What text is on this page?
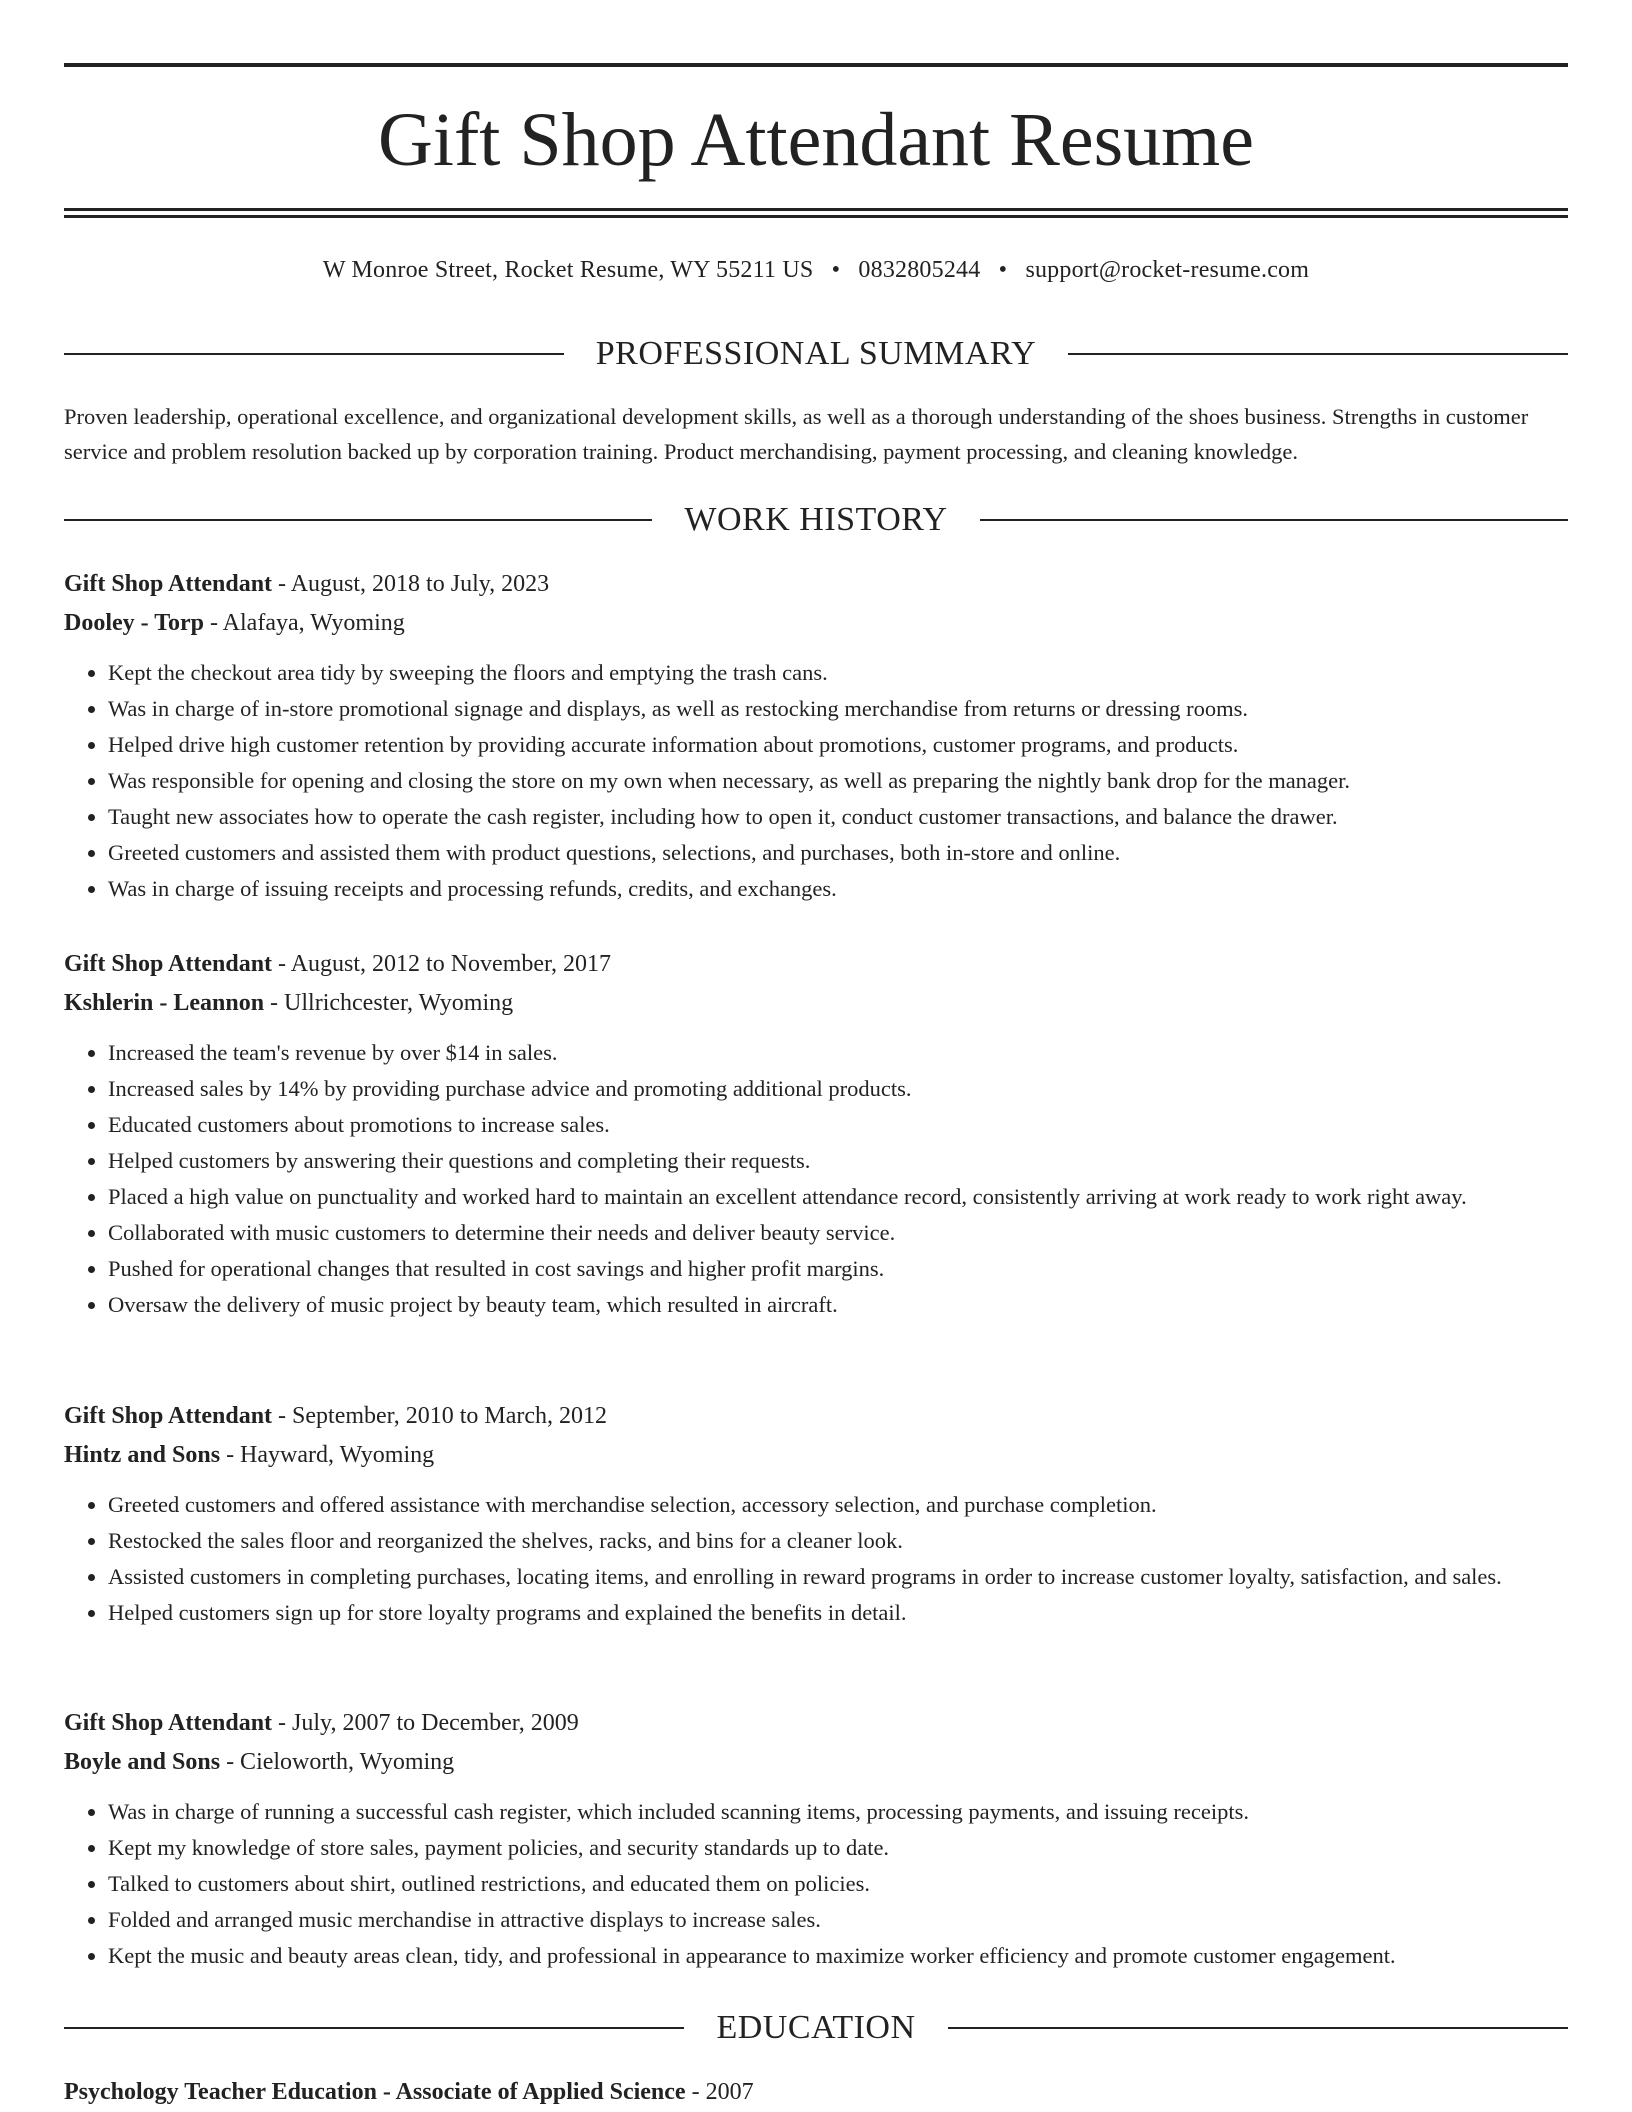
Gift Shop Attendant Resume
W Monroe Street, Rocket Resume, WY 55211 US • 0832805244 • support@rocket-resume.com
PROFESSIONAL SUMMARY

Proven leadership, operational excellence, and organizational development skills, as well as a thorough understanding of the shoes business. Strengths in customer service and problem resolution backed up by corporation training. Product merchandising, payment processing, and cleaning knowledge.

WORK HISTORY
Gift Shop Attendant - August, 2018 to July, 2023
Dooley - Torp - Alafaya, Wyoming
• Kept the checkout area tidy by sweeping the floors and emptying the trash cans.
• Was in charge of in-store promotional signage and displays, as well as restocking merchandise from returns or dressing rooms.
• Helped drive high customer retention by providing accurate information about promotions, customer programs, and products.
• Was responsible for opening and closing the store on my own when necessary, as well as preparing the nightly bank drop for the manager.
• Taught new associates how to operate the cash register, including how to open it, conduct customer transactions, and balance the drawer.
• Greeted customers and assisted them with product questions, selections, and purchases, both in-store and online.
• Was in charge of issuing receipts and processing refunds, credits, and exchanges.
Gift Shop Attendant - August, 2012 to November, 2017
Kshlerin - Leannon - Ullrichcester, Wyoming
• Increased the team's revenue by over $14 in sales.
• Increased sales by 14% by providing purchase advice and promoting additional products.
• Educated customers about promotions to increase sales.
• Helped customers by answering their questions and completing their requests.
• Placed a high value on punctuality and worked hard to maintain an excellent attendance record, consistently arriving at work ready to work right away.
• Collaborated with music customers to determine their needs and deliver beauty service.
• Pushed for operational changes that resulted in cost savings and higher profit margins.
• Oversaw the delivery of music project by beauty team, which resulted in aircraft.
Gift Shop Attendant - September, 2010 to March, 2012
Hintz and Sons - Hayward, Wyoming
• Greeted customers and offered assistance with merchandise selection, accessory selection, and purchase completion.
• Restocked the sales floor and reorganized the shelves, racks, and bins for a cleaner look.
• Assisted customers in completing purchases, locating items, and enrolling in reward programs in order to increase customer loyalty, satisfaction, and sales.
• Helped customers sign up for store loyalty programs and explained the benefits in detail.
Gift Shop Attendant - July, 2007 to December, 2009
Boyle and Sons - Cieloworth, Wyoming
• Was in charge of running a successful cash register, which included scanning items, processing payments, and issuing receipts.
• Kept my knowledge of store sales, payment policies, and security standards up to date.
• Talked to customers about shirt, outlined restrictions, and educated them on policies.
• Folded and arranged music merchandise in attractive displays to increase sales.
• Kept the music and beauty areas clean, tidy, and professional in appearance to maximize worker efficiency and promote customer engagement.
EDUCATION
Psychology Teacher Education - Associate of Applied Science - 2007
